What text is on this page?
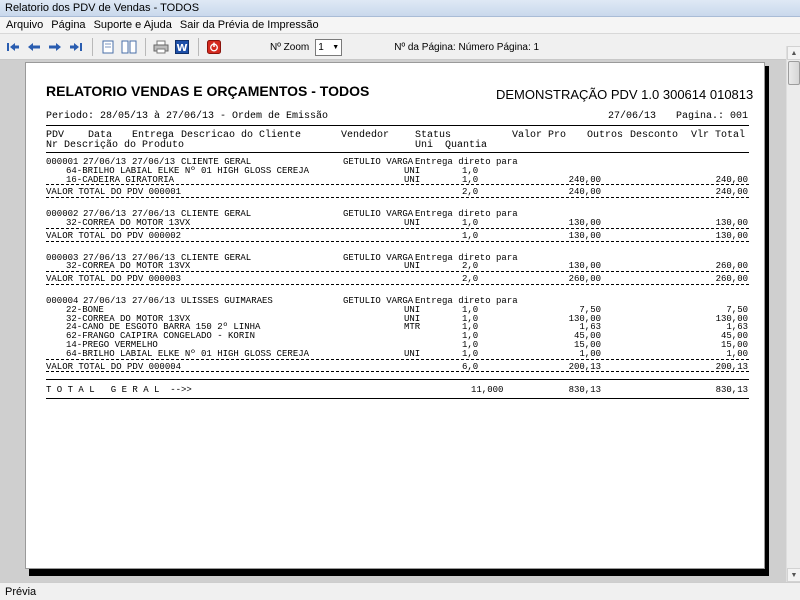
Relatorio dos PDV de Vendas - TODOS
Arquivo Página Suporte e Ajuda Sair da Prévia de Impressão
W	Nº Zoom 1 ▼	Nº da Página: Número Página: 1
RELATORIO VENDAS E ORÇAMENTOS - TODOS	DEMONSTRAÇÃO PDV 1.0 300614 010813
Periodo: 28/05/13 à 27/06/13 - Ordem de Emissão	27/06/13 Pagina.: 001
PDV Data Entrega Descricao do Cliente	Vendedor	Status	Valor Pro Outros Desconto Vlr Total
Nr Descrição do Produto	Uni Quantia
000001 27/06/13 27/06/13 CLIENTE GERAL	GETULIO VARGA Entrega direto para
64-BRILHO LABIAL ELKE Nº 01 HIGH GLOSS CEREJA	UNI	1,0
16-CADEIRA GIRATORIA	UNI	1,0	240,00	240,00
VALOR TOTAL DO PDV 000001	2,0	240,00	240,00
000002 27/06/13 27/06/13 CLIENTE GERAL	GETULIO VARGA Entrega direto para
32-CORREA DO MOTOR 13VX	UNI	1,0	130,00	130,00
VALOR TOTAL DO PDV 000002	1,0	130,00	130,00
000003 27/06/13 27/06/13 CLIENTE GERAL	GETULIO VARGA Entrega direto para
32-CORREA DO MOTOR 13VX	UNI	2,0	130,00	260,00
VALOR TOTAL DO PDV 000003	2,0	260,00	260,00
000004 27/06/13 27/06/13 ULISSES GUIMARAES	GETULIO VARGA Entrega direto para
22-BONE	UNI	1,0	7,50	7,50
32-CORREA DO MOTOR 13VX	UNI	1,0	130,00	130,00
24-CANO DE ESGOTO BARRA 150 2º LINHA	MTR	1,0	1,63	1,63
62-FRANGO CAIPIRA CONGELADO - KORIN	1,0	45,00	45,00
14-PREGO VERMELHO	1,0	15,00	15,00
64-BRILHO LABIAL ELKE Nº 01 HIGH GLOSS CEREJA	UNI	1,0	1,00	1,00
VALOR TOTAL DO PDV 000004	6,0	200,13	200,13
T O T A L   G E R A L  -->>	11,000	830,13	830,13
▲
▼
Prévia
